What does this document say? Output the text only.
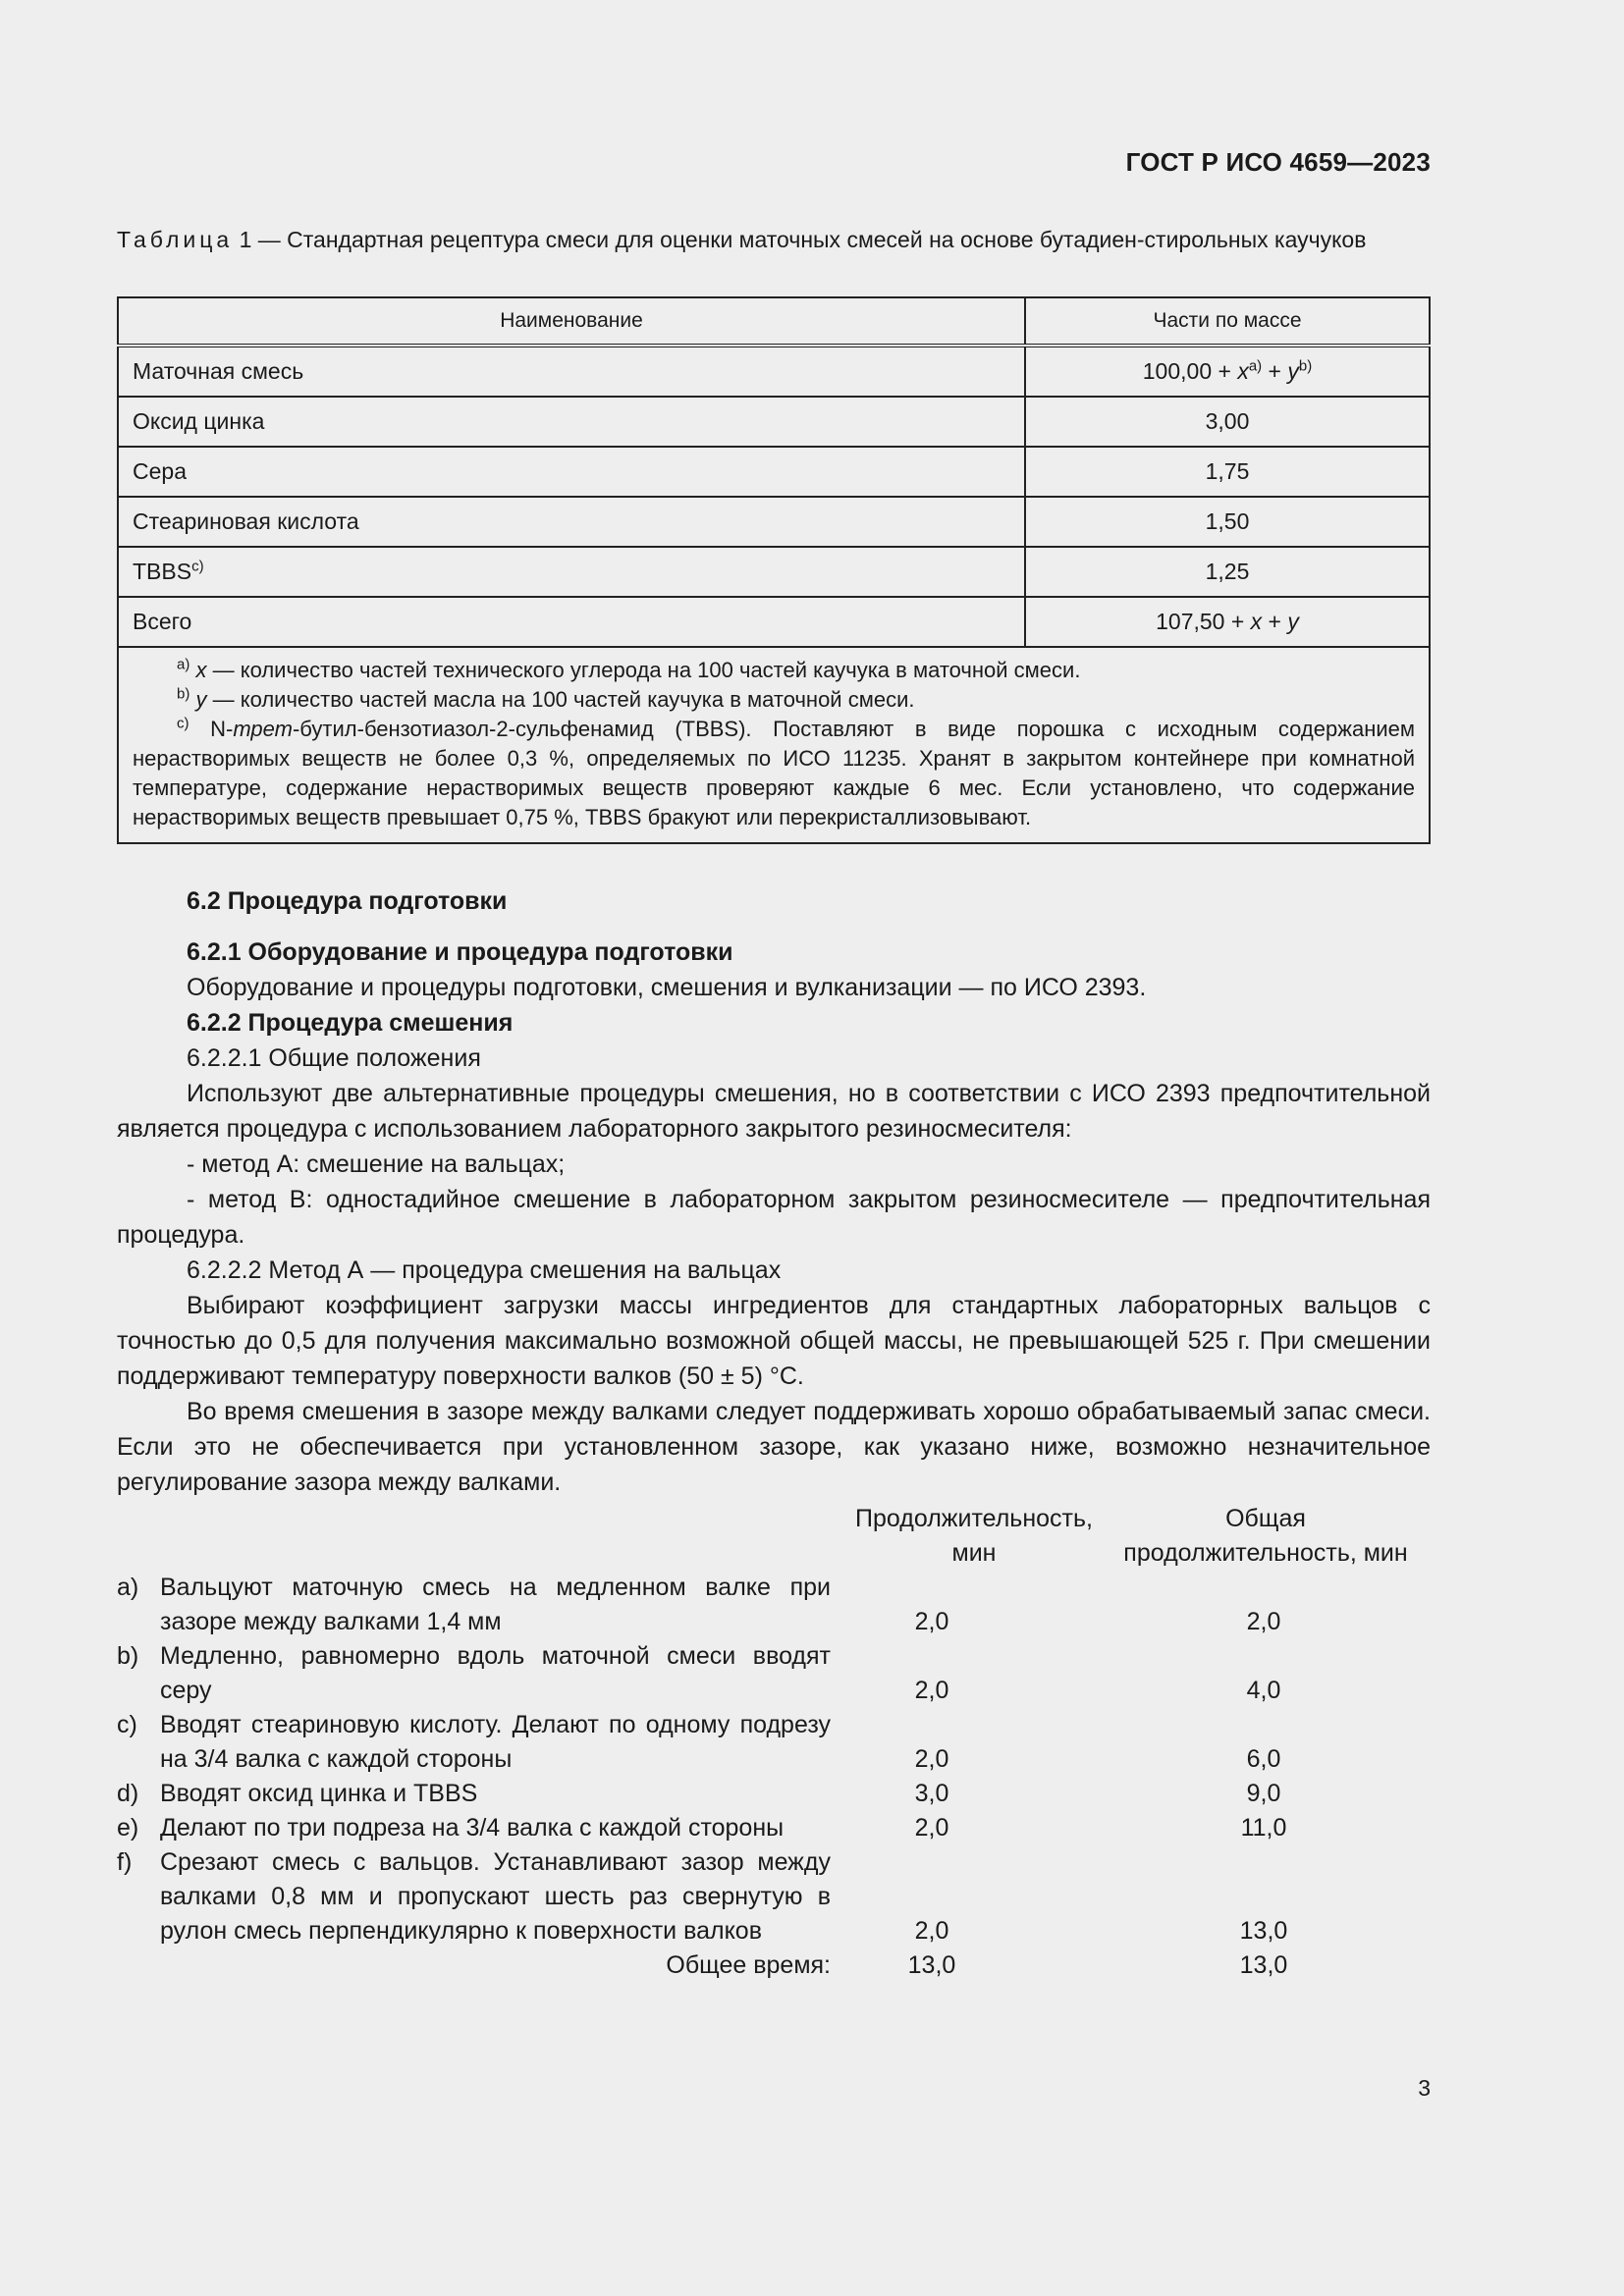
ГОСТ Р ИСО 4659—2023
Таблица 1 — Стандартная рецептура смеси для оценки маточных смесей на основе бутадиен-стирольных каучуков
Наименование	Части по массе
Маточная смесь	$100,00 + x^{a)} + y^{b)}$
Оксид цинка	3,00
Сера	1,75
Стеариновая кислота	1,50
TBBS$^{c)}$	1,25
Всего	107,50 + x + y

$^{a)}$ x — количество частей технического углерода на 100 частей каучука в маточной смеси.
$^{b)}$ y — количество частей масла на 100 частей каучука в маточной смеси.
$^{c)}$ N-трет-бутил-бензотиазол-2-сульфенамид (TBBS). Поставляют в виде порошка с исходным содержанием нерастворимых веществ не более 0,3 %, определяемых по ИСО 11235. Хранят в закрытом контейнере при комнатной температуре, содержание нерастворимых веществ проверяют каждые 6 мес. Если установлено, что содержание нерастворимых веществ превышает 0,75 %, TBBS бракуют или перекристаллизовывают.	
6.2 Процедура подготовки
6.2.1 Оборудование и процедура подготовки
Оборудование и процедуры подготовки, смешения и вулканизации — по ИСО 2393.
6.2.2 Процедура смешения
6.2.2.1 Общие положения
Используют две альтернативные процедуры смешения, но в соответствии с ИСО 2393 предпочтительной является процедура с использованием лабораторного закрытого резиносмесителя:
- метод А: смешение на вальцах;
- метод В: одностадийное смешение в лабораторном закрытом резиносмесителе — предпочтительная процедура.
6.2.2.2 Метод А — процедура смешения на вальцах
Выбирают коэффициент загрузки массы ингредиентов для стандартных лабораторных вальцов с точностью до 0,5 для получения максимально возможной общей массы, не превышающей 525 г. При смешении поддерживают температуру поверхности валков (50 ± 5) °С.
Во время смешения в зазоре между валками следует поддерживать хорошо обрабатываемый запас смеси. Если это не обеспечивается при установленном зазоре, как указано ниже, возможно незначительное регулирование зазора между валками.
Продолжительность, мин
Общая продолжительность, мин
а) Вальцуют маточную смесь на медленном валке при зазоре между валками 1,4 мм	2,0	2,0
b) Медленно, равномерно вдоль маточной смеси вводят серу	2,0	4,0
c) Вводят стеариновую кислоту. Делают по одному подрезу на 3/4 валка с каждой стороны	2,0	6,0
d) Вводят оксид цинка и TBBS	3,0	9,0
e) Делают по три подреза на 3/4 валка с каждой стороны	2,0	11,0
f)	Срезают смесь с вальцов. Устанавливают зазор между валками 0,8 мм и пропускают шесть раз свернутую в рулон смесь перпендикулярно к поверхности валков	2,0	13,0
Общее время:	13,0	13,0
3
